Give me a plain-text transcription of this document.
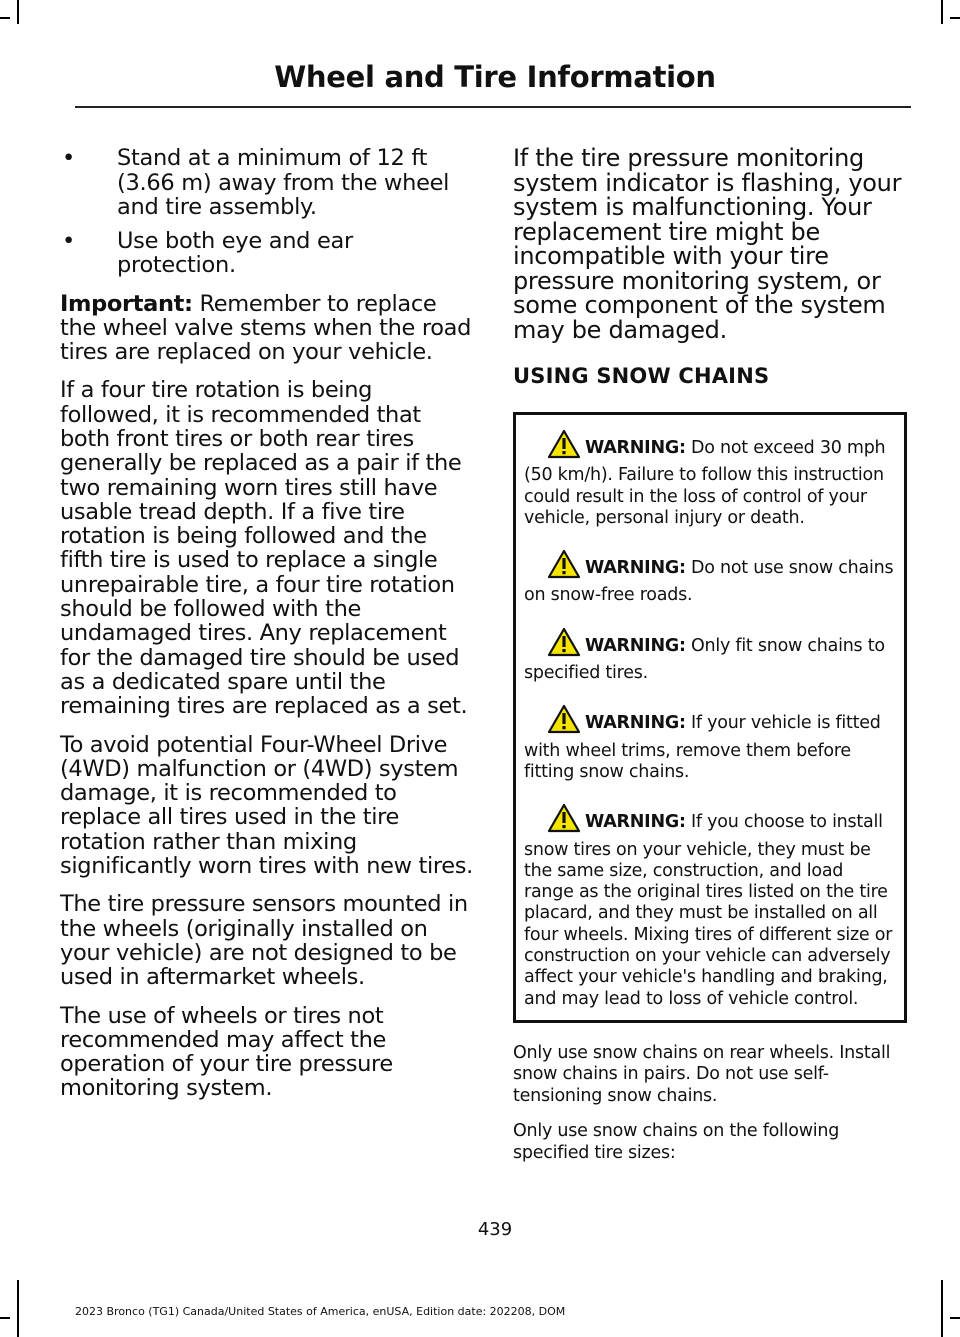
Wheel and Tire Information
• Stand at a minimum of 12 ft (3.66 m) away from the wheel and tire assembly.
• Use both eye and ear protection.

Important: Remember to replace the wheel valve stems when the road tires are replaced on your vehicle.

If a four tire rotation is being followed, it is recommended that both front tires or both rear tires generally be replaced as a pair if the two remaining worn tires still have usable tread depth. If a five tire rotation is being followed and the fifth tire is used to replace a single unrepairable tire, a four tire rotation should be followed with the undamaged tires. Any replacement for the damaged tire should be used as a dedicated spare until the remaining tires are replaced as a set.

To avoid potential Four-Wheel Drive (4WD) malfunction or (4WD) system damage, it is recommended to replace all tires used in the tire rotation rather than mixing significantly worn tires with new tires.

The tire pressure sensors mounted in the wheels (originally installed on your vehicle) are not designed to be used in aftermarket wheels.

The use of wheels or tires not recommended may affect the operation of your tire pressure monitoring system.

If the tire pressure monitoring system indicator is flashing, your system is malfunctioning. Your replacement tire might be incompatible with your tire pressure monitoring system, or some component of the system may be damaged.

USING SNOW CHAINS
WARNING: Do not exceed 30 mph (50 km/h). Failure to follow this instruction could result in the loss of control of your vehicle, personal injury or death.
WARNING: Do not use snow chains on snow-free roads.
WARNING: Only fit snow chains to specified tires.
WARNING: If your vehicle is fitted with wheel trims, remove them before fitting snow chains.
WARNING: If you choose to install snow tires on your vehicle, they must be the same size, construction, and load range as the original tires listed on the tire placard, and they must be installed on all four wheels. Mixing tires of different size or construction on your vehicle can adversely affect your vehicle's handling and braking, and may lead to loss of vehicle control.

Only use snow chains on rear wheels. Install snow chains in pairs. Do not use self-tensioning snow chains.

Only use snow chains on the following specified tire sizes:

439
2023 Bronco (TG1) Canada/United States of America, enUSA, Edition date: 202208, DOM
